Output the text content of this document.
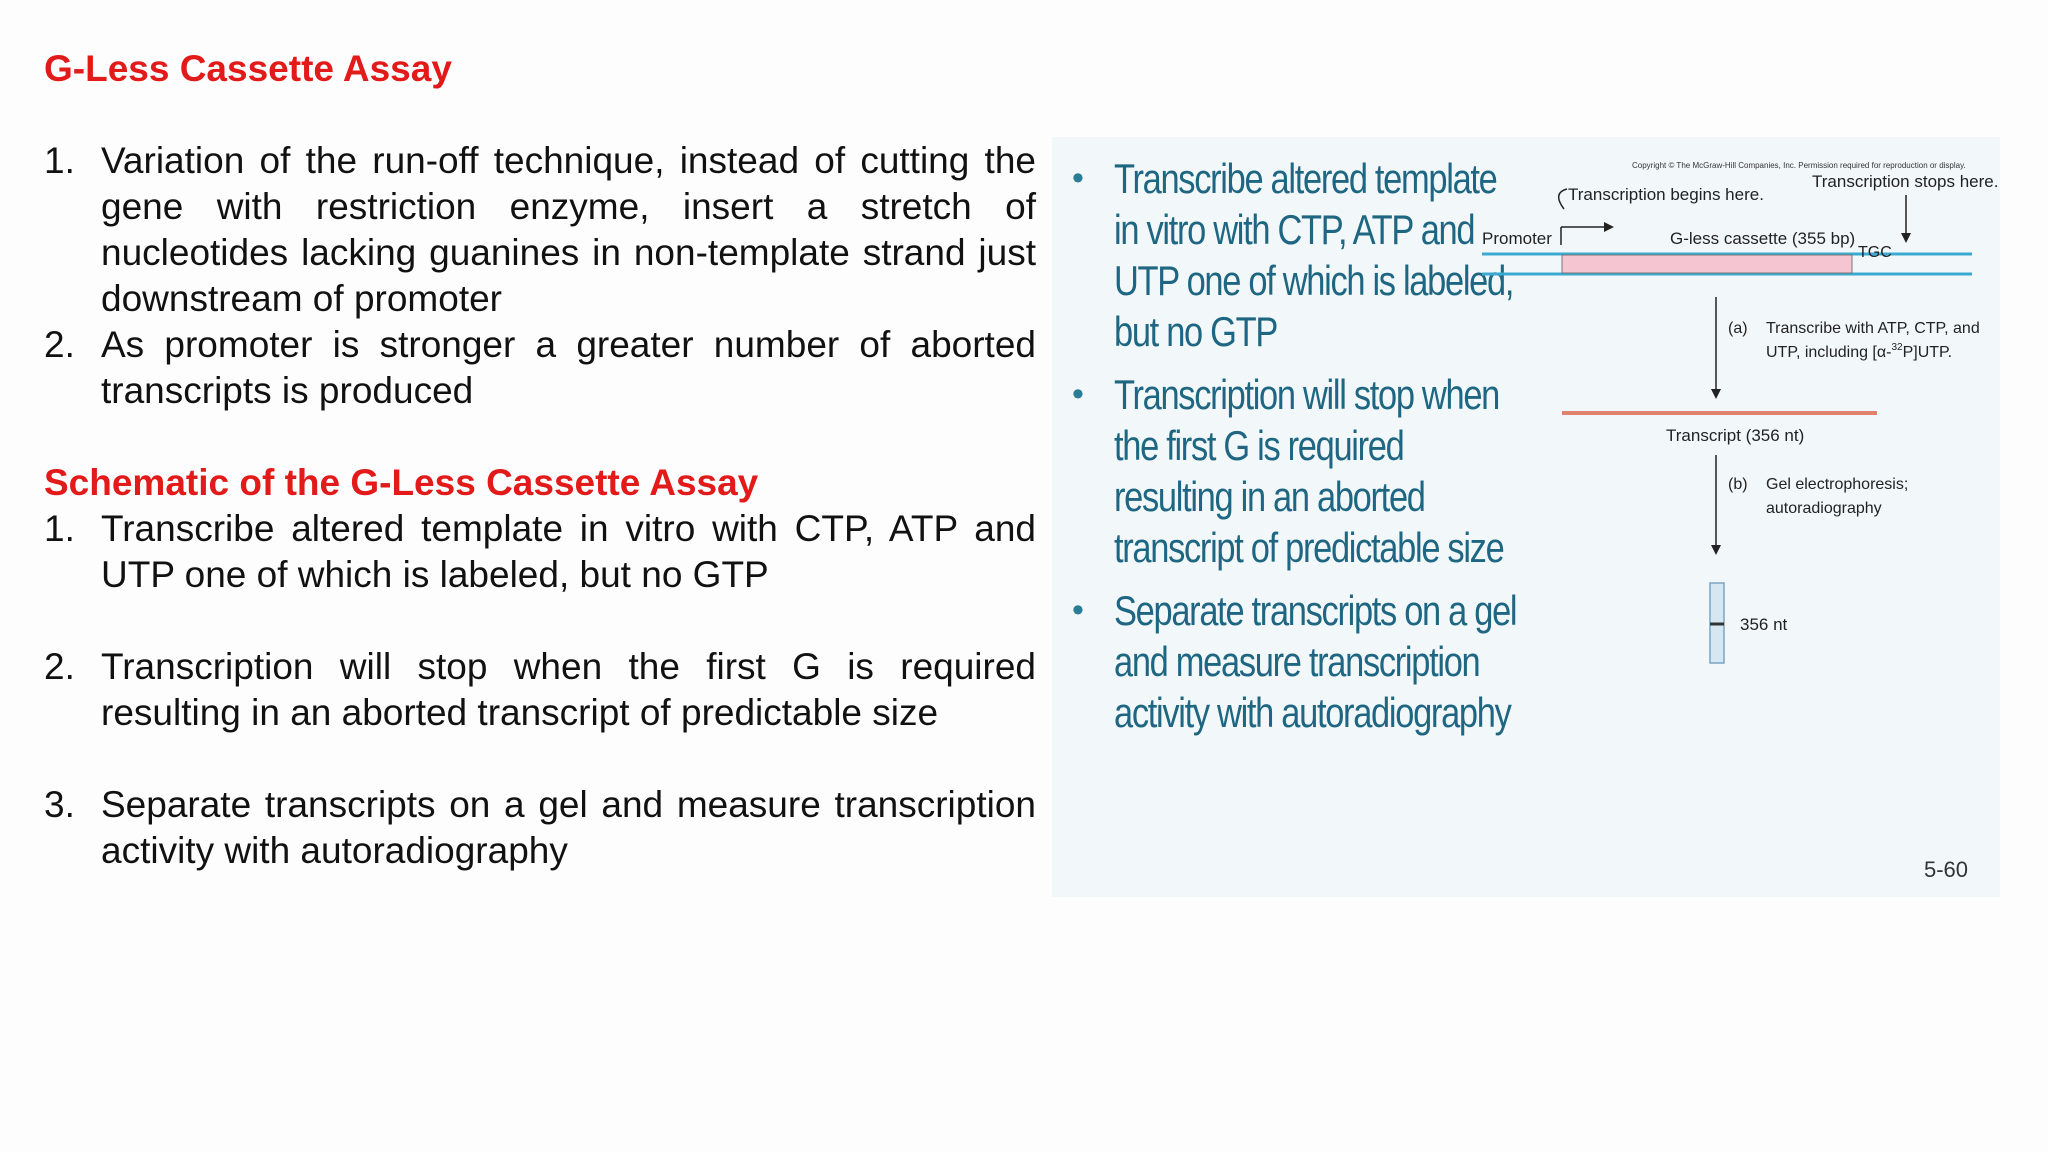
G-Less Cassette Assay
1. Variation of the run-off technique, instead of cutting the gene with restriction enzyme, insert a stretch of nucleotides lacking guanines in non-template strand just downstream of promoter
2. As promoter is stronger a greater number of aborted transcripts is produced
Schematic of the G-Less Cassette Assay
1. Transcribe altered template in vitro with CTP, ATP and UTP one of which is labeled, but no GTP
2. Transcription will stop when the first G is required resulting in an aborted transcript of predictable size
3. Separate transcripts on a gel and measure transcription activity with autoradiography
• Transcribe altered template in vitro with CTP, ATP and UTP one of which is labeled, but no GTP
• Transcription will stop when the first G is required resulting in an aborted transcript of predictable size
• Separate transcripts on a gel and measure transcription activity with autoradiography
Copyright © The McGraw-Hill Companies, Inc. Permission required for reproduction or display.
Transcription begins here.
Transcription stops here.
Promoter	G-less cassette (355 bp)
TGC
(a) Transcribe with ATP, CTP, and
UTP, including [α-$^{32}$P]UTP.
Transcript (356 nt)
(b) Gel electrophoresis;
autoradiography
356 nt
5-60
